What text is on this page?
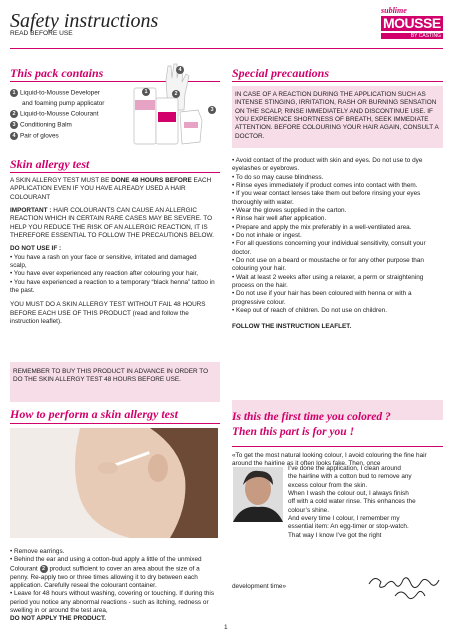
Safety instructions
READ BEFORE USE
sublime
MOUSSE
BY CASTING
This pack contains
1 Liquid-to-Mousse Developer
and foaming pump applicator
2 Liquid-to-Mousse Colourant
3 Conditioning Balm
4 Pair of gloves
4
1	2
3
Skin allergy test
A SKIN ALLERGY TEST MUST BE DONE 48 HOURS BEFORE EACH APPLICATION EVEN IF YOU HAVE ALREADY USED A HAIR COLOURANT
IMPORTANT : HAIR COLOURANTS CAN CAUSE AN ALLERGIC REACTION WHICH IN CERTAIN RARE CASES MAY BE SEVERE. TO HELP YOU REDUCE THE RISK OF AN ALLERGIC REACTION, IT IS THEREFORE ESSENTIAL TO FOLLOW THE PRECAUTIONS BELOW.
DO NOT USE IF :
• You have a rash on your face or sensitive, irritated and damaged scalp,
• You have ever experienced any reaction after colouring your hair,
• You have experienced a reaction to a temporary “black henna” tattoo in the past.
YOU MUST DO A SKIN ALLERGY TEST WITHOUT FAIL 48 HOURS BEFORE EACH USE OF THIS PRODUCT (read and follow the instruction leaflet).
REMEMBER TO BUY THIS PRODUCT IN ADVANCE IN ORDER TO DO THE SKIN ALLERGY TEST 48 HOURS BEFORE USE.
How to perform a skin allergy test
• Remove earrings.
• Behind the ear and using a cotton-bud apply a little of the unmixed Colourant 2 product sufficient to cover an area about the size of a penny. Re-apply two or three times allowing it to dry between each application. Carefully reseal the colourant container.
• Leave for 48 hours without washing, covering or touching. If during this period you notice any abnormal reactions - such as itching, redness or swelling in or around the test area,
DO NOT APPLY THE PRODUCT.
Special precautions
IN CASE OF A REACTION DURING THE APPLICATION SUCH AS INTENSE STINGING, IRRITATION, RASH OR BURNING SENSATION ON THE SCALP, RINSE IMMEDIATELY AND DISCONTINUE USE. IF YOU EXPERIENCE SHORTNESS OF BREATH, SEEK IMMEDIATE ATTENTION. BEFORE COLOURING YOUR HAIR AGAIN, CONSULT A DOCTOR.
• Avoid contact of the product with skin and eyes. Do not use to dye eyelashes or eyebrows.
• To do so may cause blindness.
• Rinse eyes immediately if product comes into contact with them.
• If you wear contact lenses take them out before rinsing your eyes thoroughly with water.
• Wear the gloves supplied in the carton.
• Rinse hair well after application.
• Prepare and apply the mix preferably in a well-ventilated area.
• Do not inhale or ingest.
• For all questions concerning your individual sensitivity, consult your doctor.
• Do not use on a beard or moustache or for any other purpose than colouring your hair.
• Wait at least 2 weeks after using a relaxer, a perm or straightening process on the hair.
• Do not use if your hair has been coloured with henna or with a progressive colour.
• Keep out of reach of children. Do not use on children.
FOLLOW THE INSTRUCTION LEAFLET.
Is this the first time you colored ?
Then this part is for you !
«To get the most natural looking colour, I avoid colouring the fine hair around the hairline as it often looks fake. Then, once
I’ve done the application, I clean around
the hairline with a cotton bud to remove any
excess colour from the skin.
When I wash the colour out, I always finish
off with a cold water rinse. This enhances the
colour’s shine.
And every time I colour, I remember my
essential item: An egg-timer or stop-watch.
That way I know I’ve got the right
development time»
1
